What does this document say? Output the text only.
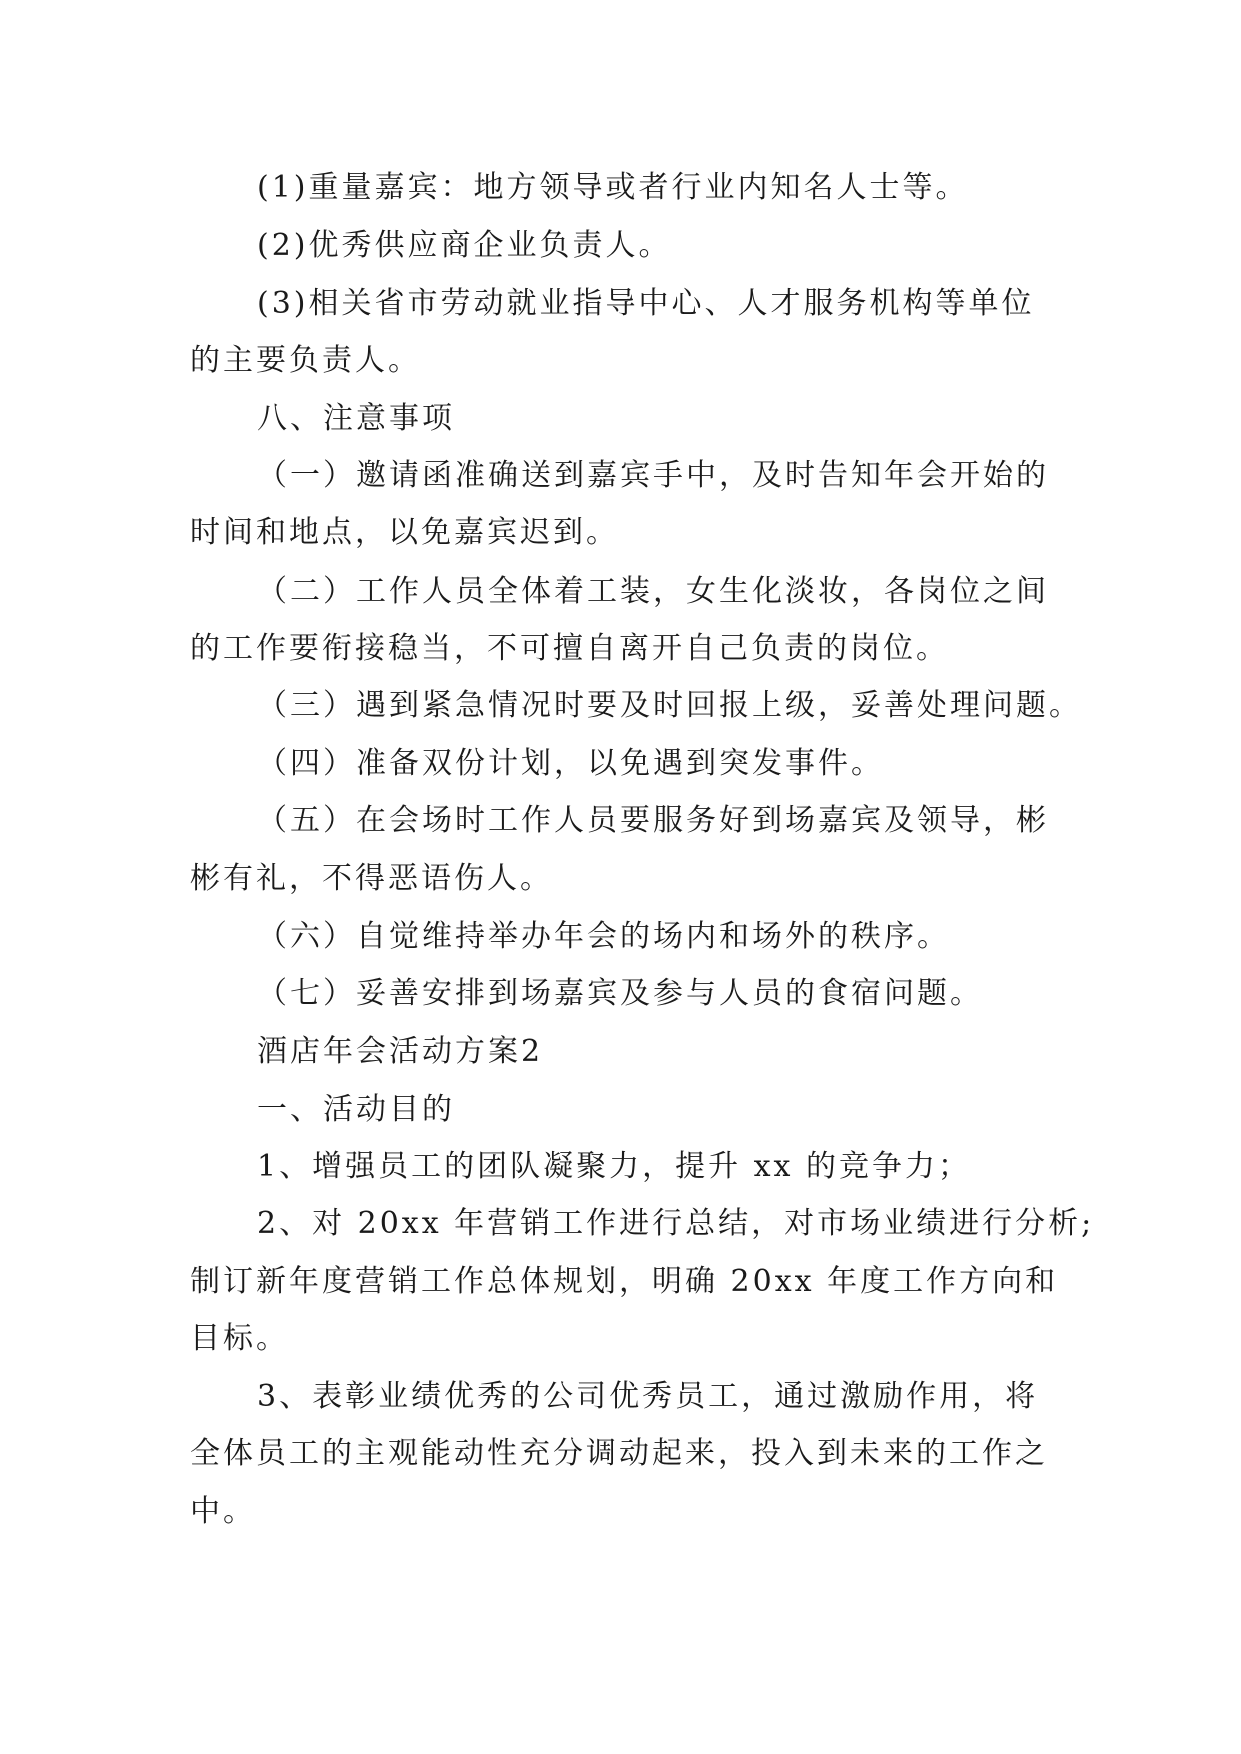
(1)重量嘉宾：地方领导或者行业内知名人士等。
(2)优秀供应商企业负责人。
(3)相关省市劳动就业指导中心、人才服务机构等单位
的主要负责人。
八、注意事项
（一）邀请函准确送到嘉宾手中，及时告知年会开始的
时间和地点，以免嘉宾迟到。
（二）工作人员全体着工装，女生化淡妆，各岗位之间
的工作要衔接稳当，不可擅自离开自己负责的岗位。
（三）遇到紧急情况时要及时回报上级，妥善处理问题。
（四）准备双份计划，以免遇到突发事件。
（五）在会场时工作人员要服务好到场嘉宾及领导，彬
彬有礼，不得恶语伤人。
（六）自觉维持举办年会的场内和场外的秩序。
（七）妥善安排到场嘉宾及参与人员的食宿问题。
酒店年会活动方案2
一、活动目的
1、增强员工的团队凝聚力，提升 xx 的竞争力；
2、对 20xx 年营销工作进行总结，对市场业绩进行分析;
制订新年度营销工作总体规划，明确 20xx 年度工作方向和
目标。
3、表彰业绩优秀的公司优秀员工，通过激励作用，将
全体员工的主观能动性充分调动起来，投入到未来的工作之
中。
